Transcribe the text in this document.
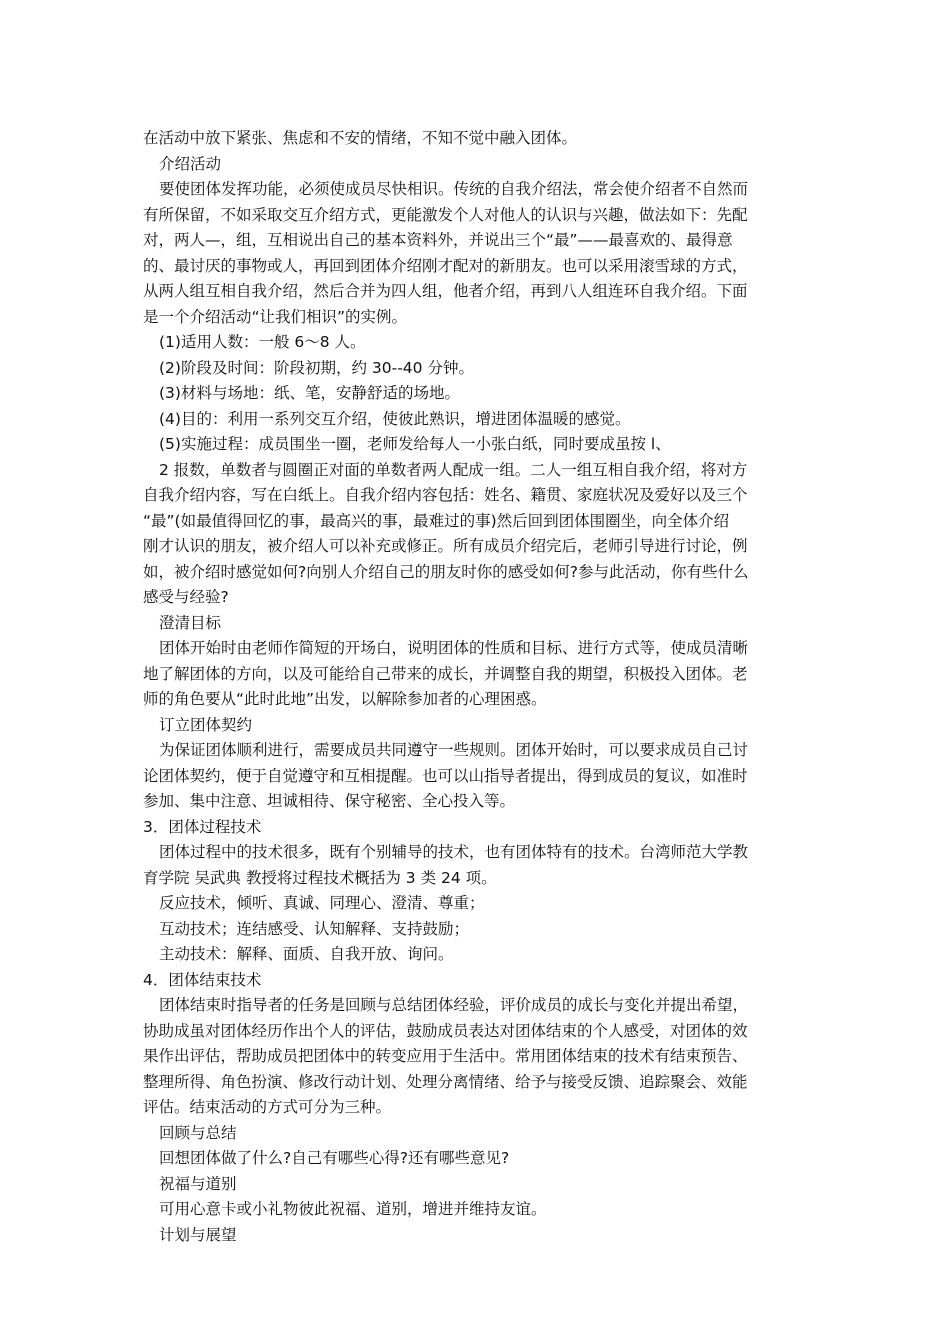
在活动中放下紧张、焦虑和不安的情绪，不知不觉中融入团体。
介绍活动
要使团体发挥功能，必须使成员尽快相识。传统的自我介绍法，常会使介绍者不自然而
有所保留，不如采取交互介绍方式，更能激发个人对他人的认识与兴趣，做法如下：先配
对，两人—，组，互相说出自己的基本资料外，并说出三个“最”——最喜欢的、最得意
的、最讨厌的事物或人，再回到团体介绍刚才配对的新朋友。也可以采用滚雪球的方式，
从两人组互相自我介绍，然后合并为四人组，他者介绍，再到八人组连环自我介绍。下面
是一个介绍活动“让我们相识”的实例。
(1)适用人数：一般 6～8 人。
(2)阶段及时间：阶段初期，约 30--40 分钟。
(3)材料与场地：纸、笔，安静舒适的场地。
(4)目的：利用一系列交互介绍，使彼此熟识，增进团体温暖的感觉。
(5)实施过程：成员围坐一圈，老师发给每人一小张白纸，同时要成虽按 l、
2 报数，单数者与圆圈正对面的单数者两人配成一组。二人一组互相自我介绍，将对方
自我介绍内容，写在白纸上。自我介绍内容包括：姓名、籍贯、家庭状况及爱好以及三个
“最”(如最值得回忆的事，最高兴的事，最难过的事)然后回到团体围圈坐，向全体介绍
刚才认识的朋友，被介绍人可以补充或修正。所有成员介绍完后，老师引导进行讨论，例
如，被介绍时感觉如何?向别人介绍自己的朋友时你的感受如何?参与此活动，你有些什么
感受与经验?
澄清目标
团体开始时由老师作简短的开场白，说明团体的性质和目标、进行方式等，使成员清晰
地了解团体的方向，以及可能给自己带来的成长，并调整自我的期望，积极投入团体。老
师的角色要从“此时此地”出发，以解除参加者的心理困惑。
订立团体契约
为保证团体顺利进行，需要成员共同遵守一些规则。团体开始时，可以要求成员自己讨
论团体契约，便于自觉遵守和互相提醒。也可以山指导者提出，得到成员的复议，如准时
参加、集中注意、坦诚相待、保守秘密、全心投入等。
3．团体过程技术
团体过程中的技术很多，既有个别辅导的技术，也有团体特有的技术。台湾师范大学教
育学院 吴武典 教授将过程技术概括为 3 类 24 项。
反应技术，倾听、真诚、同理心、澄清、尊重；
互动技术；连结感受、认知解释、支持鼓励；
主动技术：解释、面质、自我开放、询问。
4．团体结束技术
团体结束时指导者的任务是回顾与总结团体经验，评价成员的成长与变化并提出希望，
协助成虽对团体经历作出个人的评估，鼓励成员表达对团体结束的个人感受，对团体的效
果作出评估，帮助成员把团体中的转变应用于生活中。常用团体结束的技术有结束预告、
整理所得、角色扮演、修改行动计划、处理分离情绪、给予与接受反馈、追踪聚会、效能
评估。结束活动的方式可分为三种。
回顾与总结
回想团体做了什么?自己有哪些心得?还有哪些意见?
祝福与道别
可用心意卡或小礼物彼此祝福、道别，增进并维持友谊。
计划与展望
